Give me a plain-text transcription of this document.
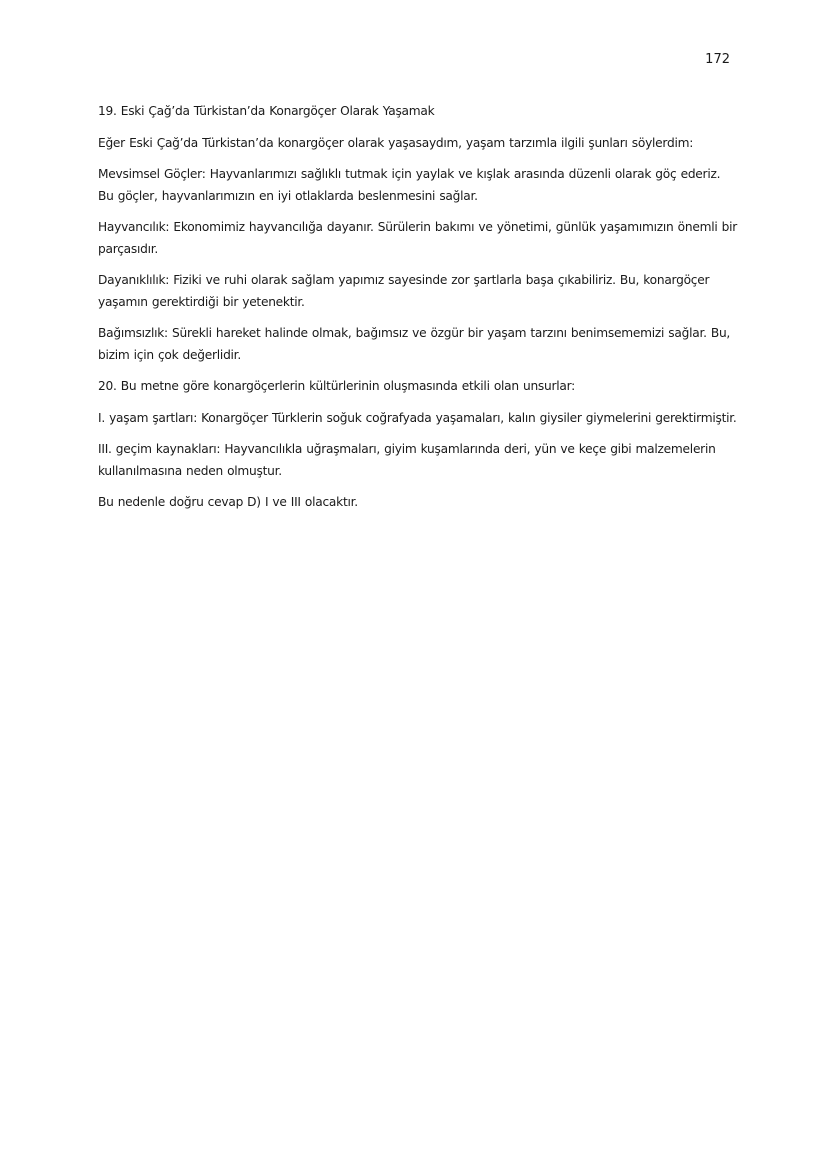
172

19. Eski Çağ’da Türkistan’da Konargöçer Olarak Yaşamak

Eğer Eski Çağ’da Türkistan’da konargöçer olarak yaşasaydım, yaşam tarzımla ilgili şunları söylerdim:

Mevsimsel Göçler: Hayvanlarımızı sağlıklı tutmak için yaylak ve kışlak arasında düzenli olarak göç ederiz. Bu göçler, hayvanlarımızın en iyi otlaklarda beslenmesini sağlar.

Hayvancılık: Ekonomimiz hayvancılığa dayanır. Sürülerin bakımı ve yönetimi, günlük yaşamımızın önemli bir parçasıdır.

Dayanıklılık: Fiziki ve ruhi olarak sağlam yapımız sayesinde zor şartlarla başa çıkabiliriz. Bu, konargöçer yaşamın gerektirdiği bir yetenektir.

Bağımsızlık: Sürekli hareket halinde olmak, bağımsız ve özgür bir yaşam tarzını benimsememizi sağlar. Bu, bizim için çok değerlidir.

20. Bu metne göre konargöçerlerin kültürlerinin oluşmasında etkili olan unsurlar:

I. yaşam şartları: Konargöçer Türklerin soğuk coğrafyada yaşamaları, kalın giysiler giymelerini gerektirmiştir.

III. geçim kaynakları: Hayvancılıkla uğraşmaları, giyim kuşamlarında deri, yün ve keçe gibi malzemelerin kullanılmasına neden olmuştur.

Bu nedenle doğru cevap D) I ve III olacaktır.
